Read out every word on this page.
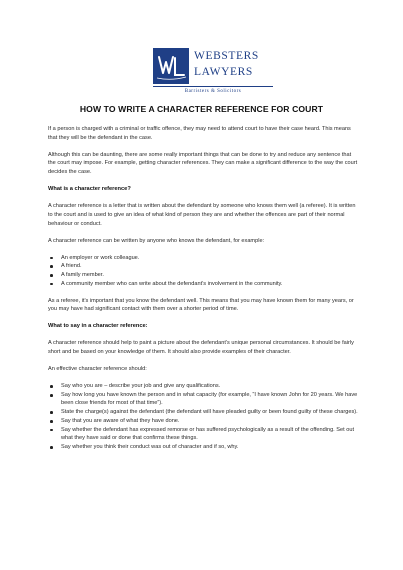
WEBSTERS
LAWYERS
Barristers & Solicitors
HOW TO WRITE A CHARACTER REFERENCE FOR COURT

If a person is charged with a criminal or traffic offence, they may need to attend court to have their case heard. This means that they will be the defendant in the case.

Although this can be daunting, there are some really important things that can be done to try and reduce any sentence that the court may impose. For example, getting character references. They can make a significant difference to the way the court decides the case.

What is a character reference?

A character reference is a letter that is written about the defendant by someone who knows them well (a referee). It is written to the court and is used to give an idea of what kind of person they are and whether the offences are part of their normal behaviour or conduct.

A character reference can be written by anyone who knows the defendant, for example:

An employer or work colleague.
A friend.
A family member.
A community member who can write about the defendant’s involvement in the community.

As a referee, it’s important that you know the defendant well. This means that you may have known them for many years, or you may have had significant contact with them over a shorter period of time.

What to say in a character reference:

A character reference should help to paint a picture about the defendant’s unique personal circumstances. It should be fairly short and be based on your knowledge of them. It should also provide examples of their character.

An effective character reference should:

Say who you are – describe your job and give any qualifications.
Say how long you have known the person and in what capacity (for example, “I have known John for 20 years. We have been close friends for most of that time”).
State the charge(s) against the defendant (the defendant will have pleaded guilty or been found guilty of these charges).
Say that you are aware of what they have done.
Say whether the defendant has expressed remorse or has suffered psychologically as a result of the offending. Set out what they have said or done that confirms these things.
Say whether you think their conduct was out of character and if so, why.
